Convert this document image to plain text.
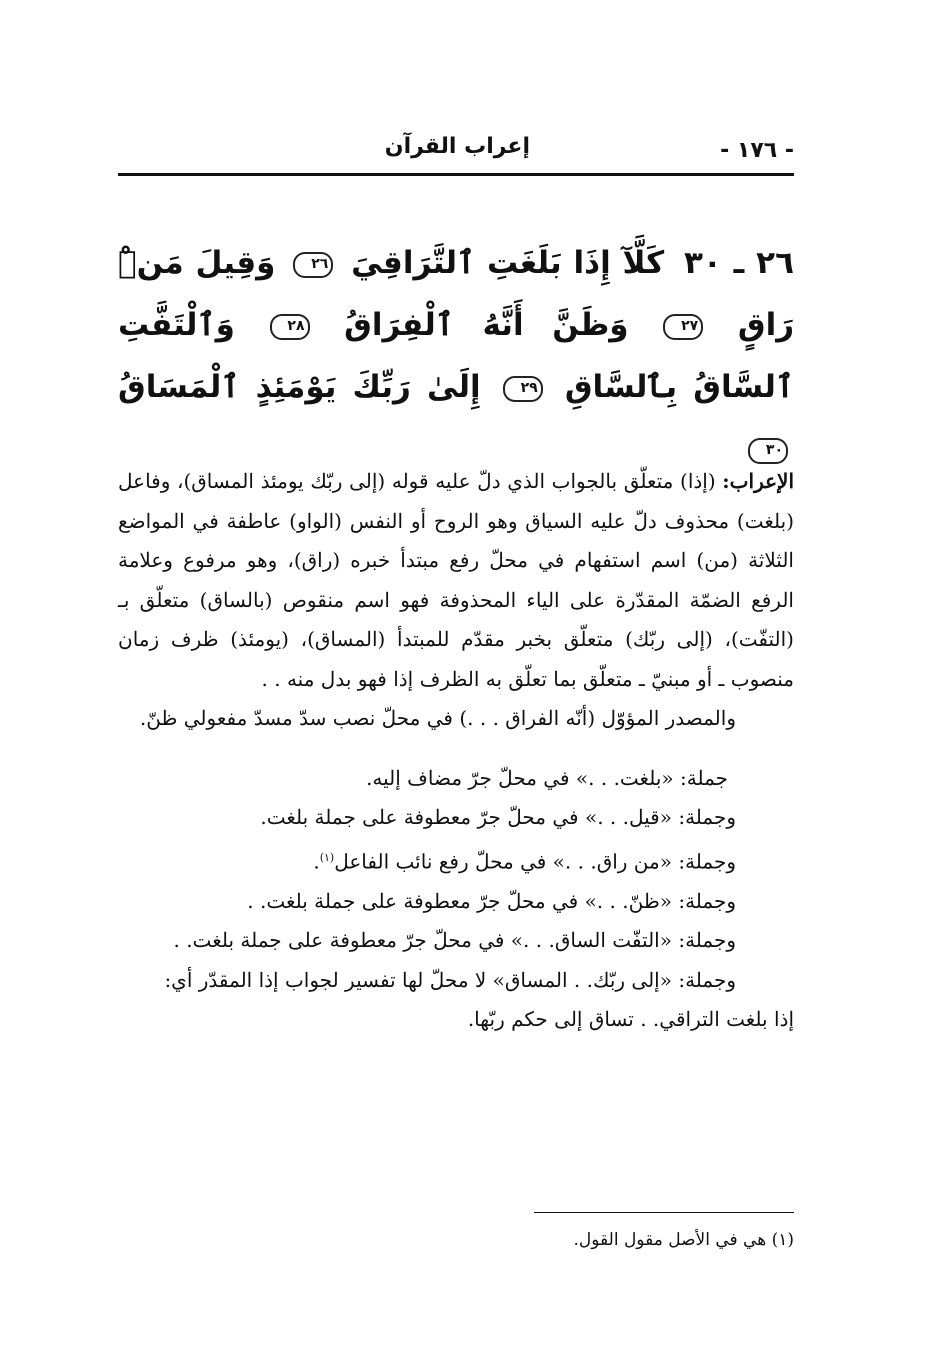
- ١٧٦ -
إعراب القرآن
٢٦ ـ ٣٠ كَلَّآ إِذَا بَلَغَتِ ٱلتَّرَاقِيَ ٢٦ وَقِيلَ مَنْۜ رَاقٍ ٢٧ وَظَنَّ أَنَّهُ ٱلْفِرَاقُ ٢٨ وَٱلْتَفَّتِ ٱلسَّاقُ بِٱلسَّاقِ ٢٩ إِلَىٰ رَبِّكَ يَوْمَئِذٍ ٱلْمَسَاقُ ٣٠

الإعراب: (إذا) متعلّق بالجواب الذي دلّ عليه قوله (إلى ربّك يومئذ المساق)، وفاعل (بلغت) محذوف دلّ عليه السياق وهو الروح أو النفس (الواو) عاطفة في المواضع الثلاثة (من) اسم استفهام في محلّ رفع مبتدأ خبره (راق)، وهو مرفوع وعلامة الرفع الضمّة المقدّرة على الياء المحذوفة فهو اسم منقوص (بالساق) متعلّق بـ (التفّت)، (إلى ربّك) متعلّق بخبر مقدّم للمبتدأ (المساق)، (يومئذ) ظرف زمان منصوب ـ أو مبنيّ ـ متعلّق بما تعلّق به الظرف إذا فهو بدل منه . .

والمصدر المؤوّل (أنّه الفراق . . .) في محلّ نصب سدّ مسدّ مفعولي ظنّ.

جملة: «بلغت. . .» في محلّ جرّ مضاف إليه.
وجملة: «قيل. . .» في محلّ جرّ معطوفة على جملة بلغت.
وجملة: «من راق. . .» في محلّ رفع نائب الفاعل$^{(١)}$.
وجملة: «ظنّ. . .» في محلّ جرّ معطوفة على جملة بلغت. .
وجملة: «التفّت الساق. . .» في محلّ جرّ معطوفة على جملة بلغت. .
وجملة: «إلى ربّك. . المساق» لا محلّ لها تفسير لجواب إذا المقدّر أي:
إذا بلغت التراقي. . تساق إلى حكم ربّها.
(١) هي في الأصل مقول القول.
